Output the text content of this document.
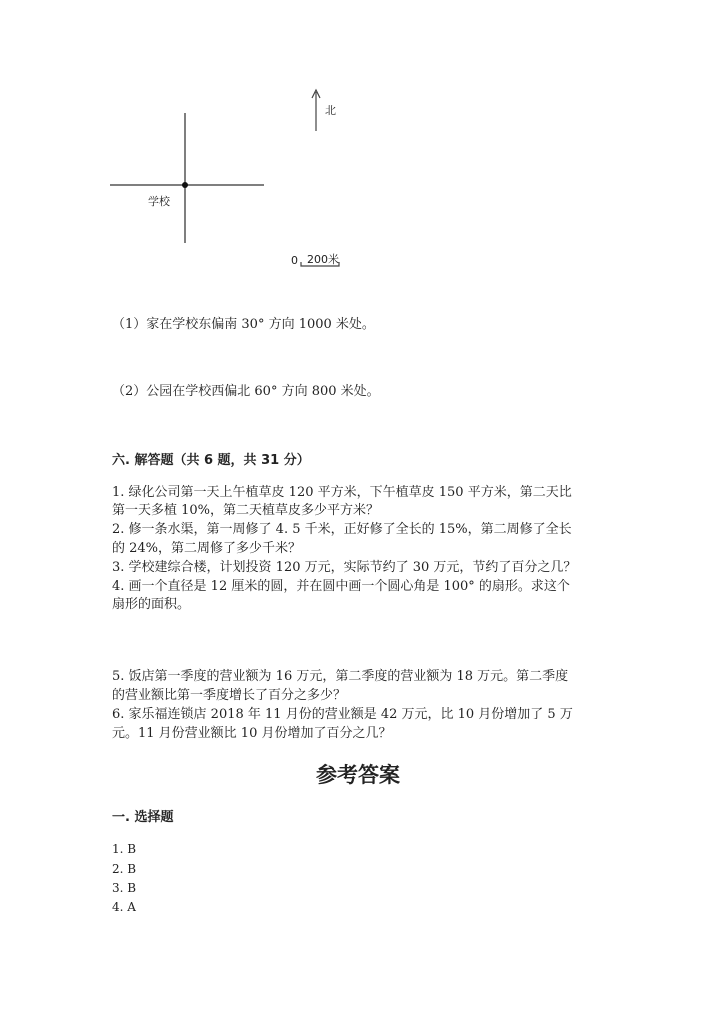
北
学校
0 200米
（1）家在学校东偏南 30° 方向 1000 米处。
（2）公园在学校西偏北 60° 方向 800 米处。
六. 解答题（共 6 题，共 31 分）
1. 绿化公司第一天上午植草皮 120 平方米，下午植草皮 150 平方米，第二天比
第一天多植 10%，第二天植草皮多少平方米？
2. 修一条水渠，第一周修了 4. 5 千米，正好修了全长的 15%，第二周修了全长
的 24%，第二周修了多少千米？
3. 学校建综合楼，计划投资 120 万元，实际节约了 30 万元，节约了百分之几？
4. 画一个直径是 12 厘米的圆，并在圆中画一个圆心角是 100° 的扇形。求这个
扇形的面积。
5. 饭店第一季度的营业额为 16 万元，第二季度的营业额为 18 万元。第二季度
的营业额比第一季度增长了百分之多少？
6. 家乐福连锁店 2018 年 11 月份的营业额是 42 万元，比 10 月份增加了 5 万
元。11 月份营业额比 10 月份增加了百分之几？
参考答案
一. 选择题
1. B
2. B
3. B
4. A
